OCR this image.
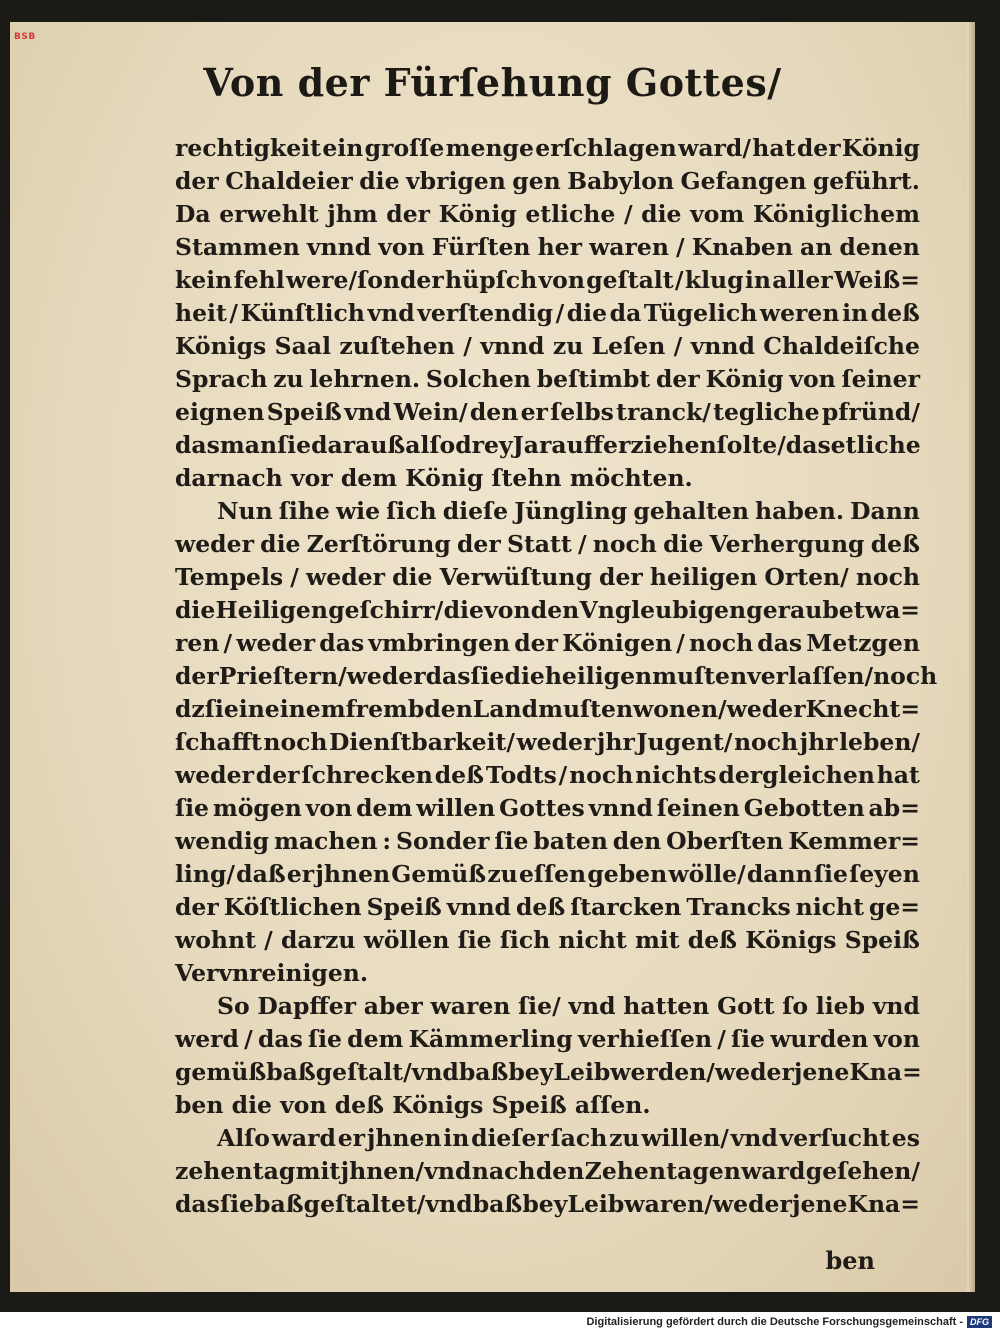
BSB
Von der Fürſehung Gottes/
rechtigkeit ein groſſe menge erſchlagen ward/ hat der König
der Chaldeier die vbrigen gen Babylon Gefangen geführt.
Da erwehlt jhm der König etliche / die vom Königlichem
Stammen vnnd von Fürſten her waren / Knaben an denen
kein fehl were/ſonder hüpſch von geſtalt / klug in aller Weiß=
heit / Künſtlich vnd verſtendig / die da Tügelich weren in deß
Königs Saal zuſtehen / vnnd zu Leſen / vnnd Chaldeiſche
Sprach zu lehrnen. Solchen beſtimbt der König von ſeiner
eignen Speiß vnd Wein/ den er ſelbs tranck/ tegliche pfründ/
das man ſie darauß alſo drey Jar aufferziehen ſolte/ das etliche
darnach vor dem König ſtehn möchten.
Nun ſihe wie ſich dieſe Jüngling gehalten haben. Dann
weder die Zerſtörung der Statt / noch die Verhergung deß
Tempels / weder die Verwüſtung der heiligen Orten/ noch
die Heiligen geſchirr/ die von den Vngleubigen geraubet wa=
ren / weder das vmbringen der Königen / noch das Metzgen
der Prieſtern/ weder das ſie die heiligen muſten verlaſſen/ noch
dz ſie in einem frembden Land muſten wonen/ weder Knecht=
ſchafft noch Dienſtbarkeit/ weder jhr Jugent/ noch jhr leben/
weder der ſchrecken deß Todts / noch nichts dergleichen hat
ſie mögen von dem willen Gottes vnnd ſeinen Gebotten ab=
wendig machen : Sonder ſie baten den Oberſten Kemmer=
ling/ daß er jhnen Gemüß zu eſſen geben wölle/ dann ſie ſeyen
der Köſtlichen Speiß vnnd deß ſtarcken Trancks nicht ge=
wohnt / darzu wöllen ſie ſich nicht mit deß Königs Speiß
Vervnreinigen.
So Dapffer aber waren ſie/ vnd hatten Gott ſo lieb vnd
werd / das ſie dem Kämmerling verhieſſen / ſie wurden von
gemüß baß geſtalt/ vnd baß bey Leib werden/ weder jene Kna=
ben die von deß Königs Speiß aſſen.
Alſo ward er jhnen in dieſer ſach zu willen/ vnd verſucht es
zehen tag mit jhnen/ vnd nach den Zehen tagen ward geſehen/
das ſie baß geſtaltet/ vnd baß bey Leib waren/ weder jene Kna=
ben
Digitalisierung gefördert durch die Deutsche Forschungsgemeinschaft - DFG
